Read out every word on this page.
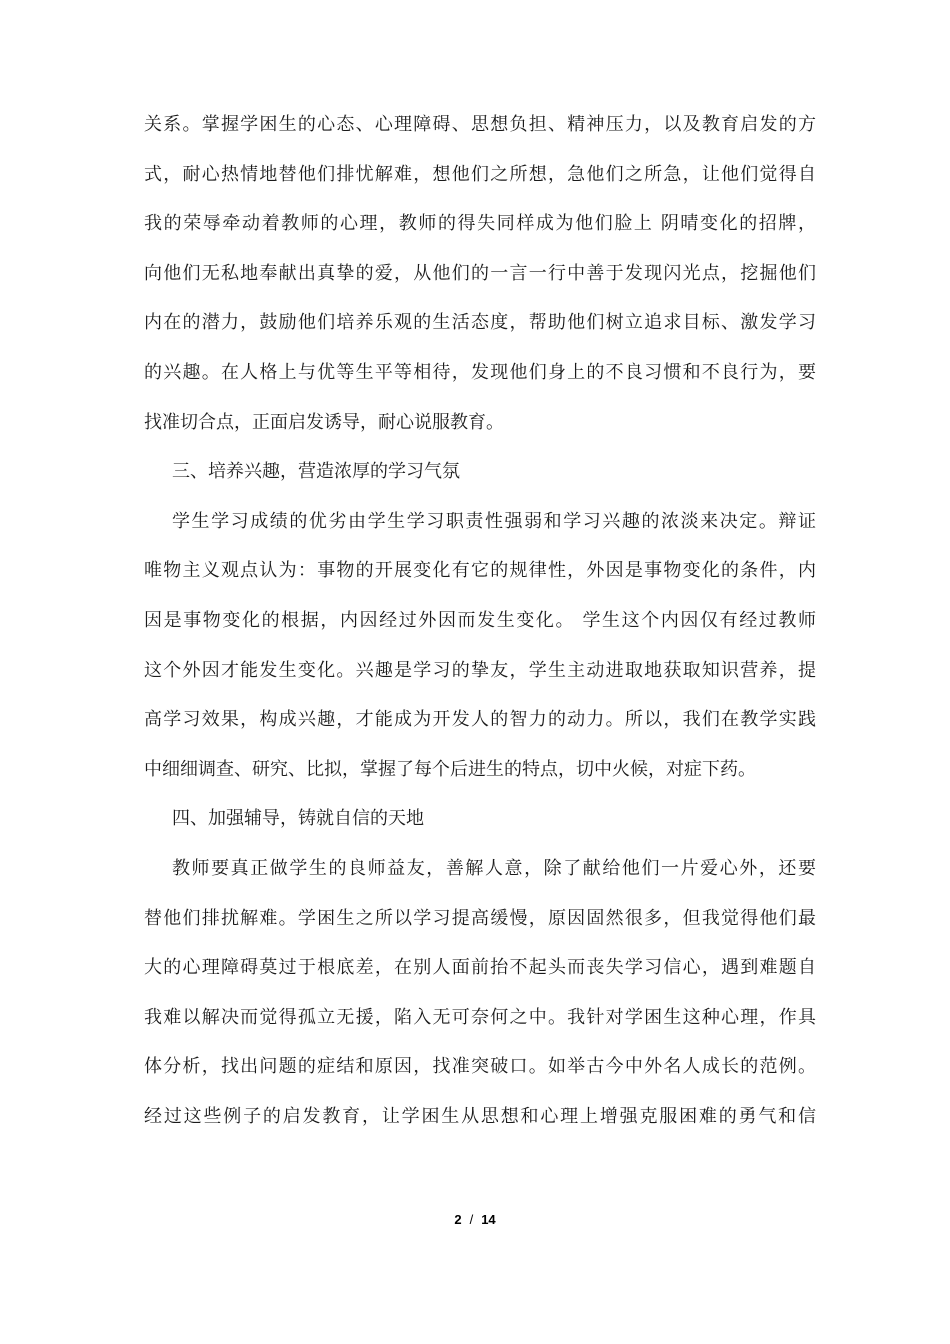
关系。掌握学困生的心态、心理障碍、思想负担、精神压力，以及教育启发的方
式，耐心热情地替他们排忧解难，想他们之所想，急他们之所急，让他们觉得自
我的荣辱牵动着教师的心理，教师的得失同样成为他们脸上 阴晴变化的招牌，
向他们无私地奉献出真挚的爱，从他们的一言一行中善于发现闪光点，挖掘他们
内在的潜力，鼓励他们培养乐观的生活态度，帮助他们树立追求目标、激发学习
的兴趣。在人格上与优等生平等相待，发现他们身上的不良习惯和不良行为，要
找准切合点，正面启发诱导，耐心说服教育。
三、培养兴趣，营造浓厚的学习气氛
学生学习成绩的优劣由学生学习职责性强弱和学习兴趣的浓淡来决定。辩证
唯物主义观点认为：事物的开展变化有它的规律性，外因是事物变化的条件，内
因是事物变化的根据，内因经过外因而发生变化。 学生这个内因仅有经过教师
这个外因才能发生变化。兴趣是学习的挚友，学生主动进取地获取知识营养，提
高学习效果，构成兴趣，才能成为开发人的智力的动力。所以，我们在教学实践
中细细调查、研究、比拟，掌握了每个后进生的特点，切中火候，对症下药。
四、加强辅导，铸就自信的天地
教师要真正做学生的良师益友，善解人意，除了献给他们一片爱心外，还要
替他们排扰解难。学困生之所以学习提高缓慢，原因固然很多，但我觉得他们最
大的心理障碍莫过于根底差，在别人面前抬不起头而丧失学习信心，遇到难题自
我难以解决而觉得孤立无援，陷入无可奈何之中。我针对学困生这种心理，作具
体分析，找出问题的症结和原因，找准突破口。如举古今中外名人成长的范例。
经过这些例子的启发教育，让学困生从思想和心理上增强克服困难的勇气和信
2 / 14
